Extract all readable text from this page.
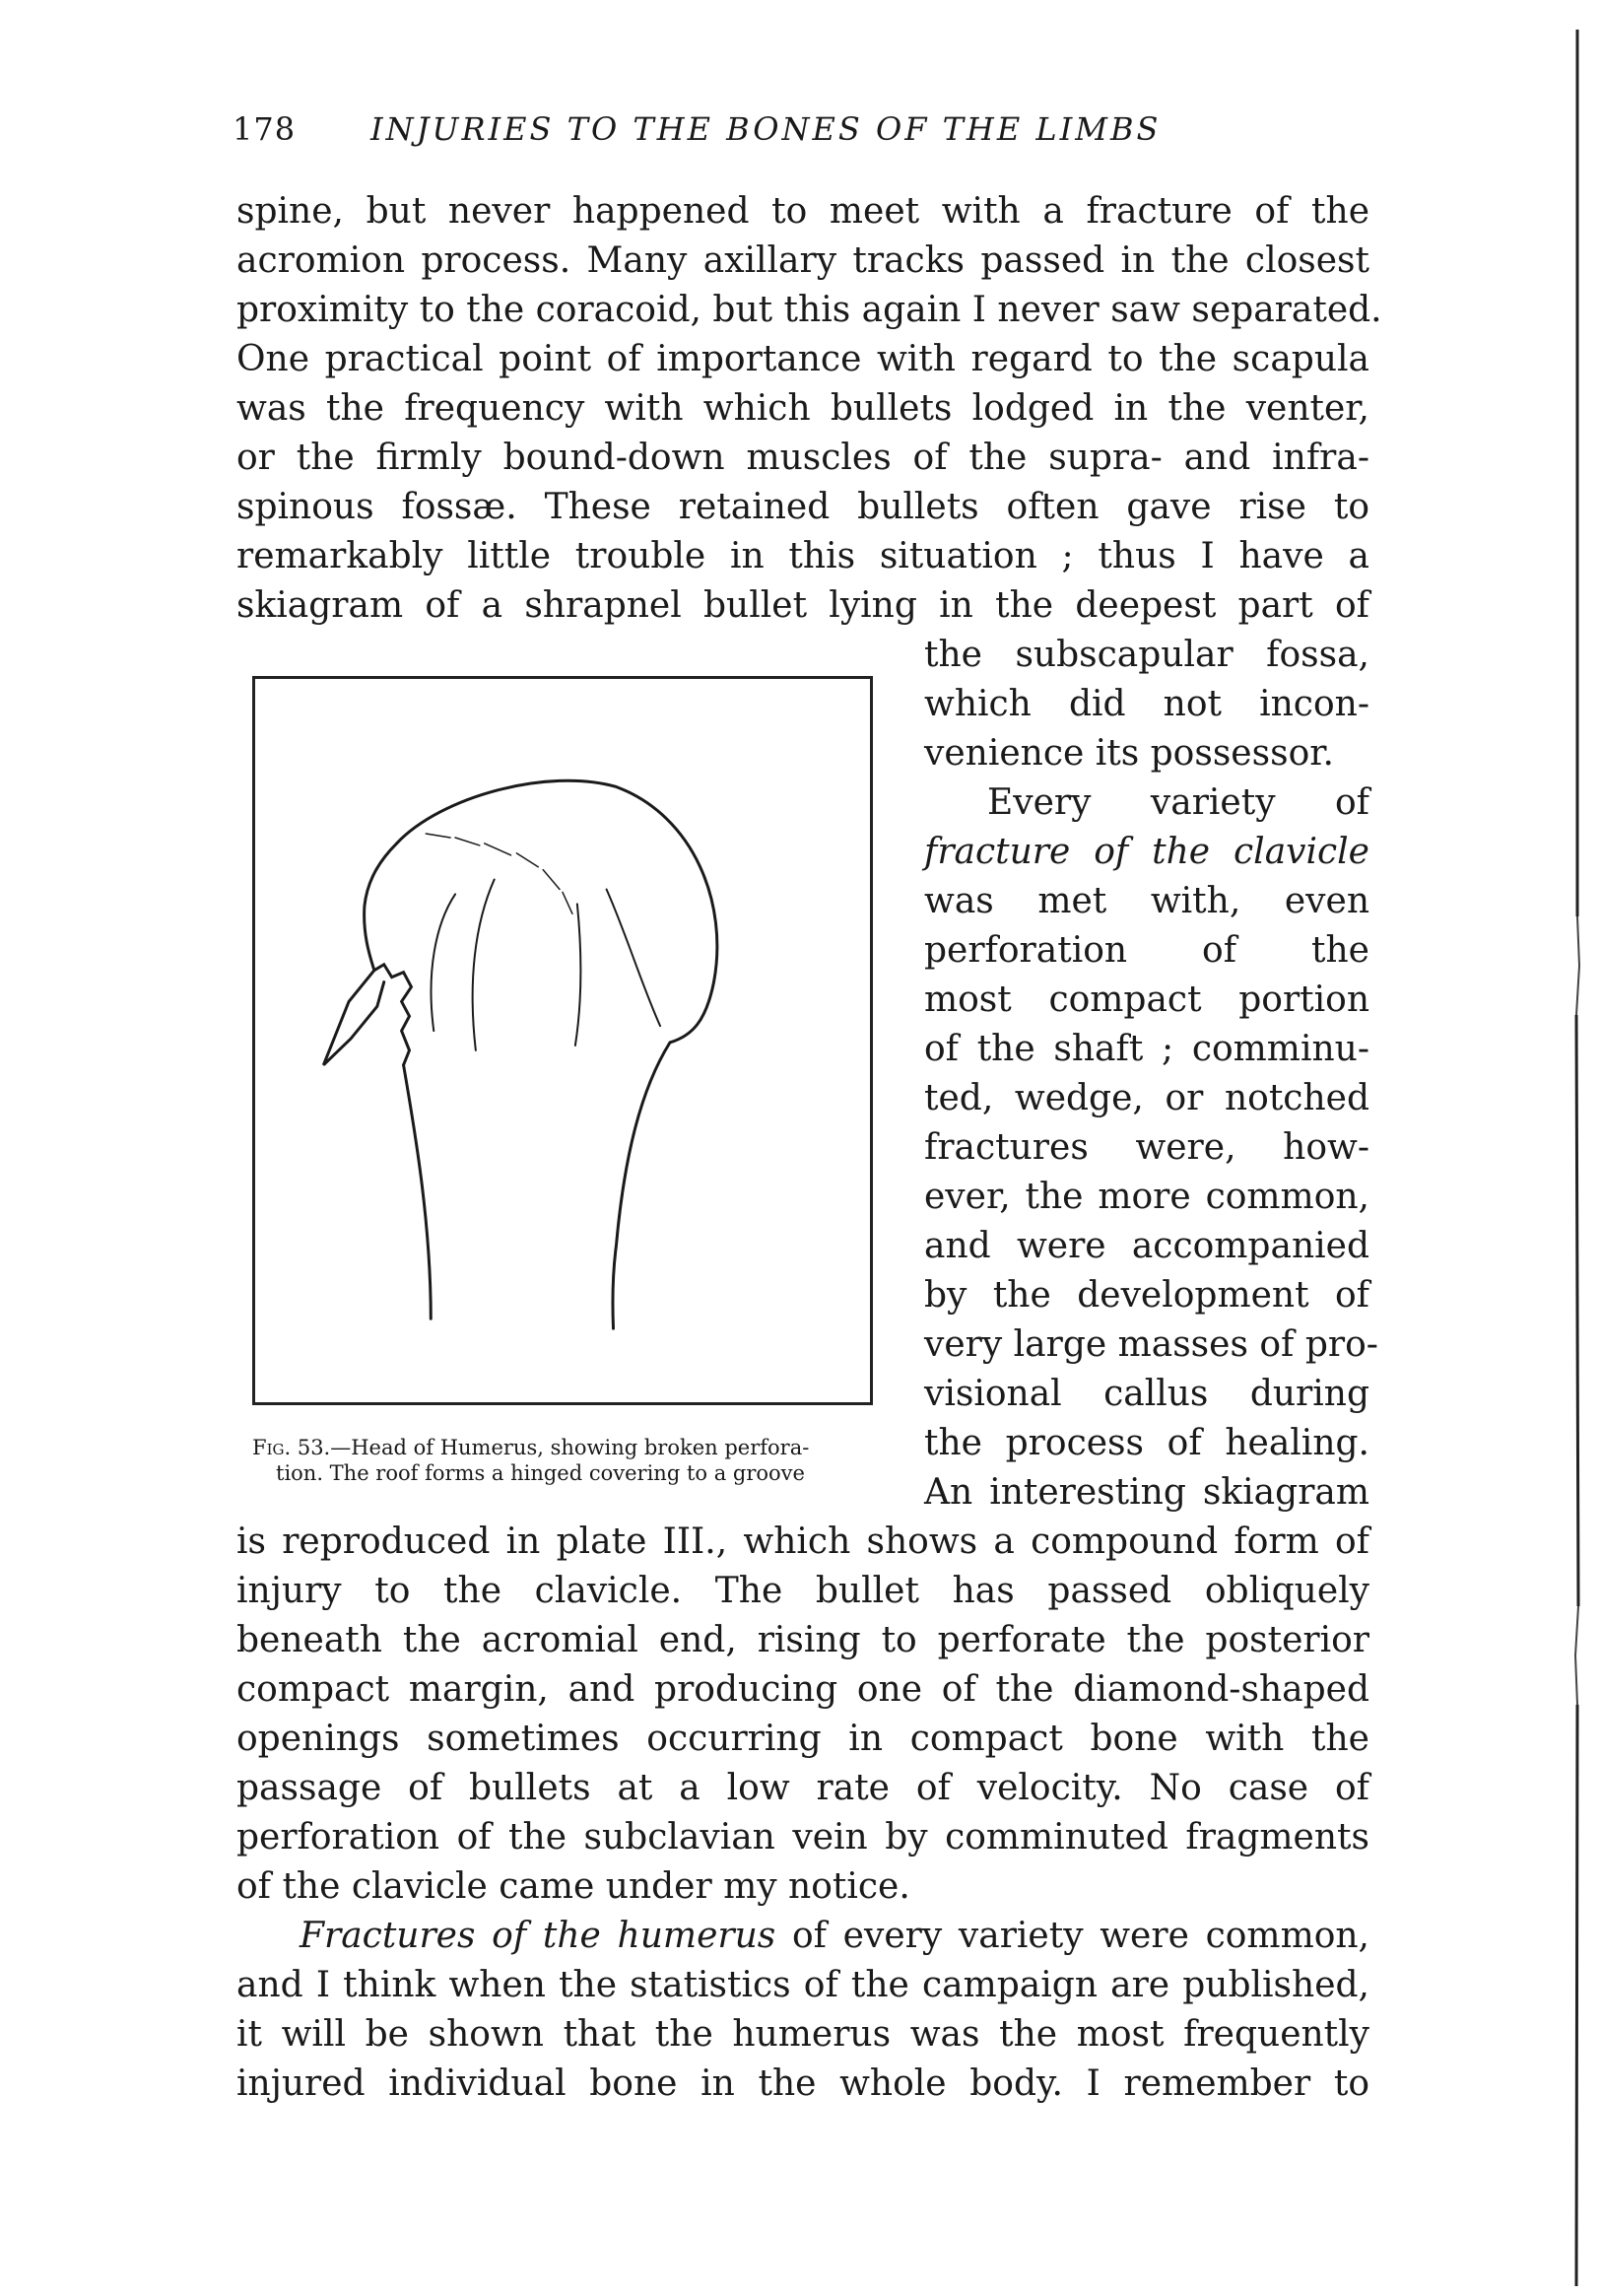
178 INJURIES TO THE BONES OF THE LIMBS
spine, but never happened to meet with a fracture of the
acromion process. Many axillary tracks passed in the closest
proximity to the coracoid, but this again I never saw separated.
One practical point of importance with regard to the scapula
was the frequency with which bullets lodged in the venter,
or the firmly bound-down muscles of the supra- and infra-
spinous fossæ. These retained bullets often gave rise to
remarkably little trouble in this situation ; thus I have a
skiagram of a shrapnel bullet lying in the deepest part of
the subscapular fossa,
which did not incon-
venience its possessor.
Every variety of
fracture of the clavicle
was met with, even
perforation of the
most compact portion
of the shaft ; comminu-
ted, wedge, or notched
fractures were, how-
ever, the more common,
and were accompanied
by the development of
very large masses of pro-
visional callus during
the process of healing.
An interesting skiagram
is reproduced in plate III., which shows a compound form of
injury to the clavicle. The bullet has passed obliquely
beneath the acromial end, rising to perforate the posterior
compact margin, and producing one of the diamond-shaped
openings sometimes occurring in compact bone with the
passage of bullets at a low rate of velocity. No case of
perforation of the subclavian vein by comminuted fragments
of the clavicle came under my notice.
Fractures of the humerus of every variety were common,
and I think when the statistics of the campaign are published,
it will be shown that the humerus was the most frequently
injured individual bone in the whole body. I remember to
Fig. 53.—Head of Humerus, showing broken perfora-
tion. The roof forms a hinged covering to a groove
